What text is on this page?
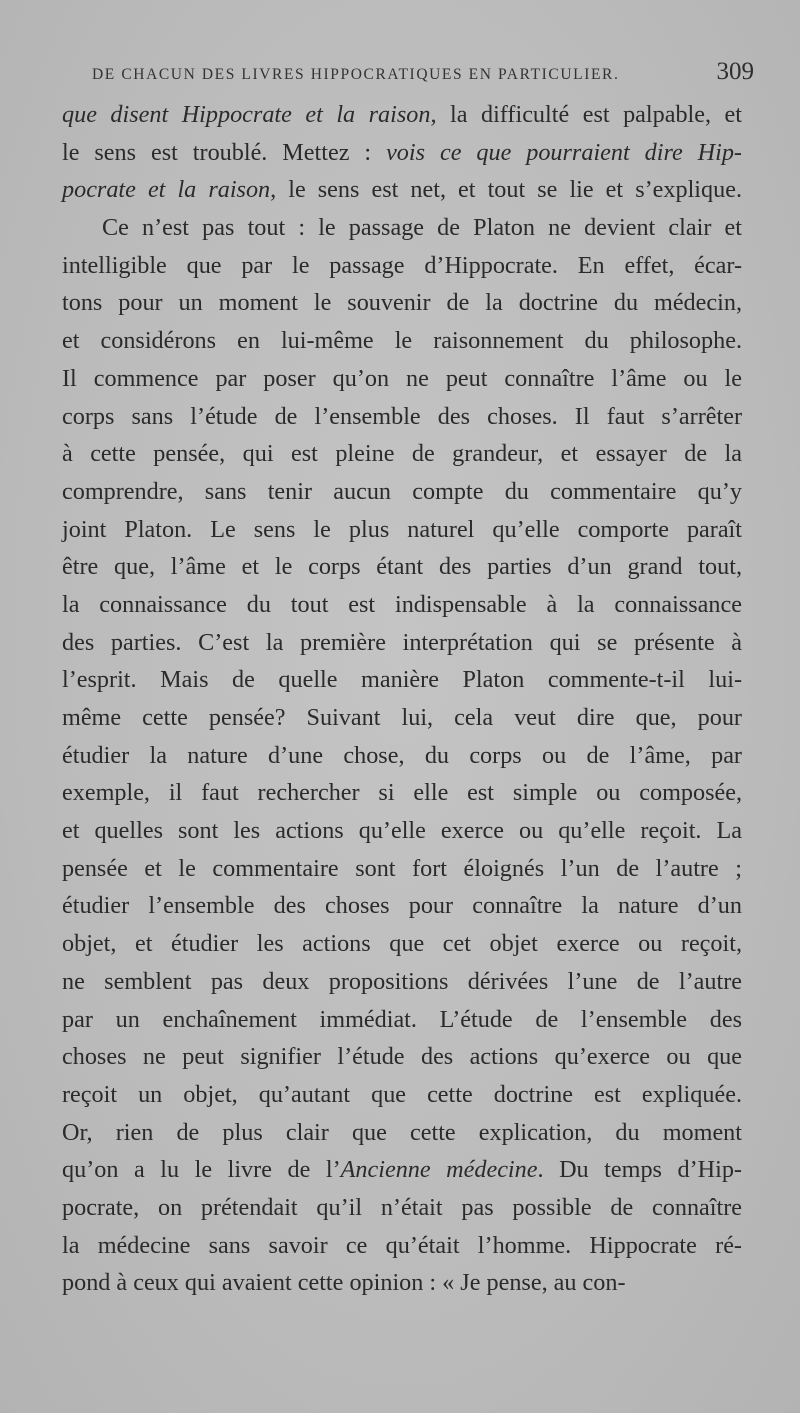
DE CHACUN DES LIVRES HIPPOCRATIQUES EN PARTICULIER.	309
que disent Hippocrate et la raison, la difficulté est palpable, et
le sens est troublé. Mettez : vois ce que pourraient dire Hip-
pocrate et la raison, le sens est net, et tout se lie et s’explique.
Ce n’est pas tout : le passage de Platon ne devient clair et
intelligible que par le passage d’Hippocrate. En effet, écar-
tons pour un moment le souvenir de la doctrine du médecin,
et considérons en lui-même le raisonnement du philosophe.
Il commence par poser qu’on ne peut connaître l’âme ou le
corps sans l’étude de l’ensemble des choses. Il faut s’arrêter
à cette pensée, qui est pleine de grandeur, et essayer de la
comprendre, sans tenir aucun compte du commentaire qu’y
joint Platon. Le sens le plus naturel qu’elle comporte paraît
être que, l’âme et le corps étant des parties d’un grand tout,
la connaissance du tout est indispensable à la connaissance
des parties. C’est la première interprétation qui se présente à
l’esprit. Mais de quelle manière Platon commente-t-il lui-
même cette pensée? Suivant lui, cela veut dire que, pour
étudier la nature d’une chose, du corps ou de l’âme, par
exemple, il faut rechercher si elle est simple ou composée,
et quelles sont les actions qu’elle exerce ou qu’elle reçoit. La
pensée et le commentaire sont fort éloignés l’un de l’autre ;
étudier l’ensemble des choses pour connaître la nature d’un
objet, et étudier les actions que cet objet exerce ou reçoit,
ne semblent pas deux propositions dérivées l’une de l’autre
par un enchaînement immédiat. L’étude de l’ensemble des
choses ne peut signifier l’étude des actions qu’exerce ou que
reçoit un objet, qu’autant que cette doctrine est expliquée.
Or, rien de plus clair que cette explication, du moment
qu’on a lu le livre de l’Ancienne médecine. Du temps d’Hip-
pocrate, on prétendait qu’il n’était pas possible de connaître
la médecine sans savoir ce qu’était l’homme. Hippocrate ré-
pond à ceux qui avaient cette opinion : « Je pense, au con-
